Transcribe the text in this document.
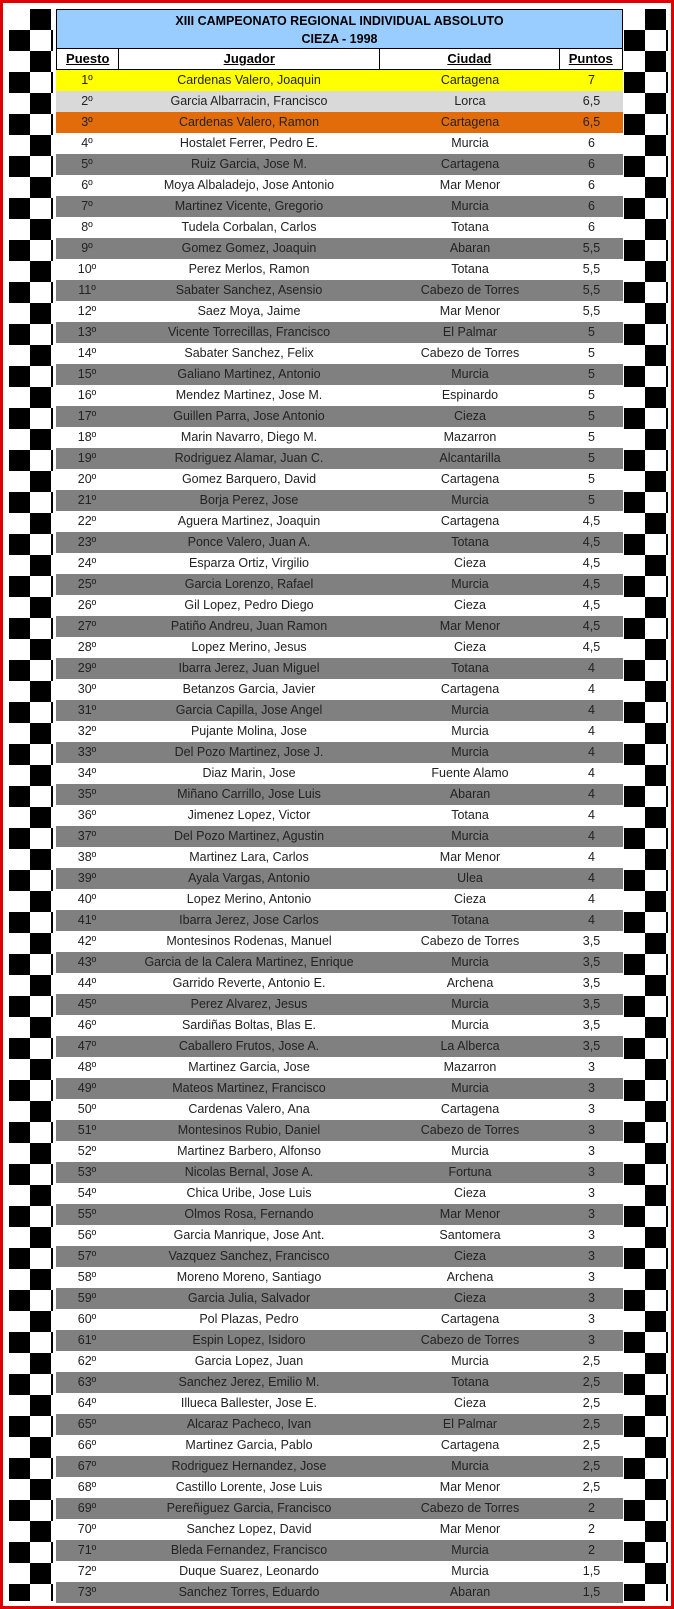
XIII CAMPEONATO REGIONAL INDIVIDUAL ABSOLUTO
CIEZA - 1998
Puesto	Jugador	Ciudad	Puntos
1º	Cardenas Valero, Joaquin	Cartagena	7
2º	Garcia Albarracin, Francisco	Lorca	6,5
3º	Cardenas Valero, Ramon	Cartagena	6,5
4º	Hostalet Ferrer, Pedro E.	Murcia	6
5º	Ruiz Garcia, Jose M.	Cartagena	6
6º	Moya Albaladejo, Jose Antonio	Mar Menor	6
7º	Martinez Vicente, Gregorio	Murcia	6
8º	Tudela Corbalan, Carlos	Totana	6
9º	Gomez Gomez, Joaquin	Abaran	5,5
10º	Perez Merlos, Ramon	Totana	5,5
11º	Sabater Sanchez, Asensio	Cabezo de Torres	5,5
12º	Saez Moya, Jaime	Mar Menor	5,5
13º	Vicente Torrecillas, Francisco	El Palmar	5
14º	Sabater Sanchez, Felix	Cabezo de Torres	5
15º	Galiano Martinez, Antonio	Murcia	5
16º	Mendez Martinez, Jose M.	Espinardo	5
17º	Guillen Parra, Jose Antonio	Cieza	5
18º	Marin Navarro, Diego M.	Mazarron	5
19º	Rodriguez Alamar, Juan C.	Alcantarilla	5
20º	Gomez Barquero, David	Cartagena	5
21º	Borja Perez, Jose	Murcia	5
22º	Aguera Martinez, Joaquin	Cartagena	4,5
23º	Ponce Valero, Juan A.	Totana	4,5
24º	Esparza Ortiz, Virgilio	Cieza	4,5
25º	Garcia Lorenzo, Rafael	Murcia	4,5
26º	Gil Lopez, Pedro Diego	Cieza	4,5
27º	Patiño Andreu, Juan Ramon	Mar Menor	4,5
28º	Lopez Merino, Jesus	Cieza	4,5
29º	Ibarra Jerez, Juan Miguel	Totana	4
30º	Betanzos Garcia, Javier	Cartagena	4
31º	Garcia Capilla, Jose Angel	Murcia	4
32º	Pujante Molina, Jose	Murcia	4
33º	Del Pozo Martinez, Jose J.	Murcia	4
34º	Diaz Marin, Jose	Fuente Alamo	4
35º	Miñano Carrillo, Jose Luis	Abaran	4
36º	Jimenez Lopez, Victor	Totana	4
37º	Del Pozo Martinez, Agustin	Murcia	4
38º	Martinez Lara, Carlos	Mar Menor	4
39º	Ayala Vargas, Antonio	Ulea	4
40º	Lopez Merino, Antonio	Cieza	4
41º	Ibarra Jerez, Jose Carlos	Totana	4
42º	Montesinos Rodenas, Manuel	Cabezo de Torres	3,5
43º	Garcia de la Calera Martinez, Enrique	Murcia	3,5
44º	Garrido Reverte, Antonio E.	Archena	3,5
45º	Perez Alvarez, Jesus	Murcia	3,5
46º	Sardiñas Boltas, Blas E.	Murcia	3,5
47º	Caballero Frutos, Jose A.	La Alberca	3,5
48º	Martinez Garcia, Jose	Mazarron	3
49º	Mateos Martinez, Francisco	Murcia	3
50º	Cardenas Valero, Ana	Cartagena	3
51º	Montesinos Rubio, Daniel	Cabezo de Torres	3
52º	Martinez Barbero, Alfonso	Murcia	3
53º	Nicolas Bernal, Jose A.	Fortuna	3
54º	Chica Uribe, Jose Luis	Cieza	3
55º	Olmos Rosa, Fernando	Mar Menor	3
56º	Garcia Manrique, Jose Ant.	Santomera	3
57º	Vazquez Sanchez, Francisco	Cieza	3
58º	Moreno Moreno, Santiago	Archena	3
59º	Garcia Julia, Salvador	Cieza	3
60º	Pol Plazas, Pedro	Cartagena	3
61º	Espin Lopez, Isidoro	Cabezo de Torres	3
62º	Garcia Lopez, Juan	Murcia	2,5
63º	Sanchez Jerez, Emilio M.	Totana	2,5
64º	Illueca Ballester, Jose E.	Cieza	2,5
65º	Alcaraz Pacheco, Ivan	El Palmar	2,5
66º	Martinez Garcia, Pablo	Cartagena	2,5
67º	Rodriguez Hernandez, Jose	Murcia	2,5
68º	Castillo Lorente, Jose Luis	Mar Menor	2,5
69º	Pereñiguez Garcia, Francisco	Cabezo de Torres	2
70º	Sanchez Lopez, David	Mar Menor	2
71º	Bleda Fernandez, Francisco	Murcia	2
72º	Duque Suarez, Leonardo	Murcia	1,5
73º	Sanchez Torres, Eduardo	Abaran	1,5
